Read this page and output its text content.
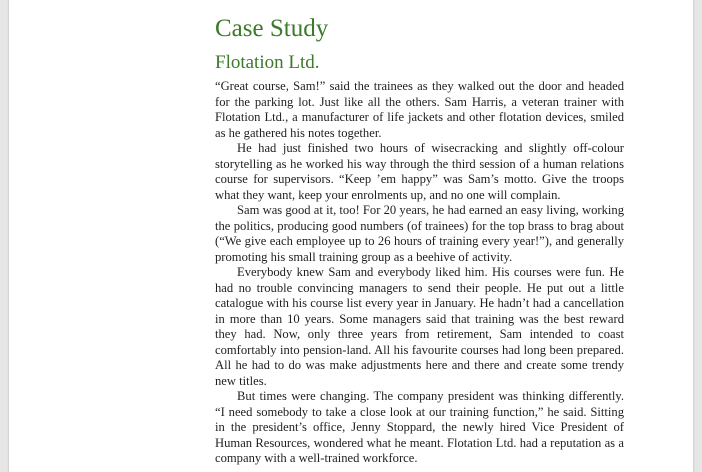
Case Study
Flotation Ltd.

“Great course, Sam!” said the trainees as they walked out the door and headed for the parking lot. Just like all the others. Sam Harris, a veteran trainer with Flotation Ltd., a manufacturer of life jackets and other flotation devices, smiled as he gathered his notes together.

He had just finished two hours of wisecracking and slightly off-colour storytelling as he worked his way through the third session of a human relations course for supervisors. “Keep ’em happy” was Sam’s motto. Give the troops what they want, keep your enrolments up, and no one will complain.

Sam was good at it, too! For 20 years, he had earned an easy living, working the politics, producing good numbers (of trainees) for the top brass to brag about (“We give each employee up to 26 hours of training every year!”), and generally promoting his small training group as a beehive of activity.

Everybody knew Sam and everybody liked him. His courses were fun. He had no trouble convincing managers to send their people. He put out a little catalogue with his course list every year in January. He hadn’t had a cancellation in more than 10 years. Some managers said that training was the best reward they had. Now, only three years from retirement, Sam intended to coast comfortably into pension-land. All his favourite courses had long been prepared. All he had to do was make adjustments here and there and create some trendy new titles.

But times were changing. The company president was thinking differently. “I need somebody to take a close look at our training function,” he said. Sitting in the president’s office, Jenny Stoppard, the newly hired Vice President of Human Resources, wondered what he meant. Flotation Ltd. had a reputation as a company with a well-trained workforce.
